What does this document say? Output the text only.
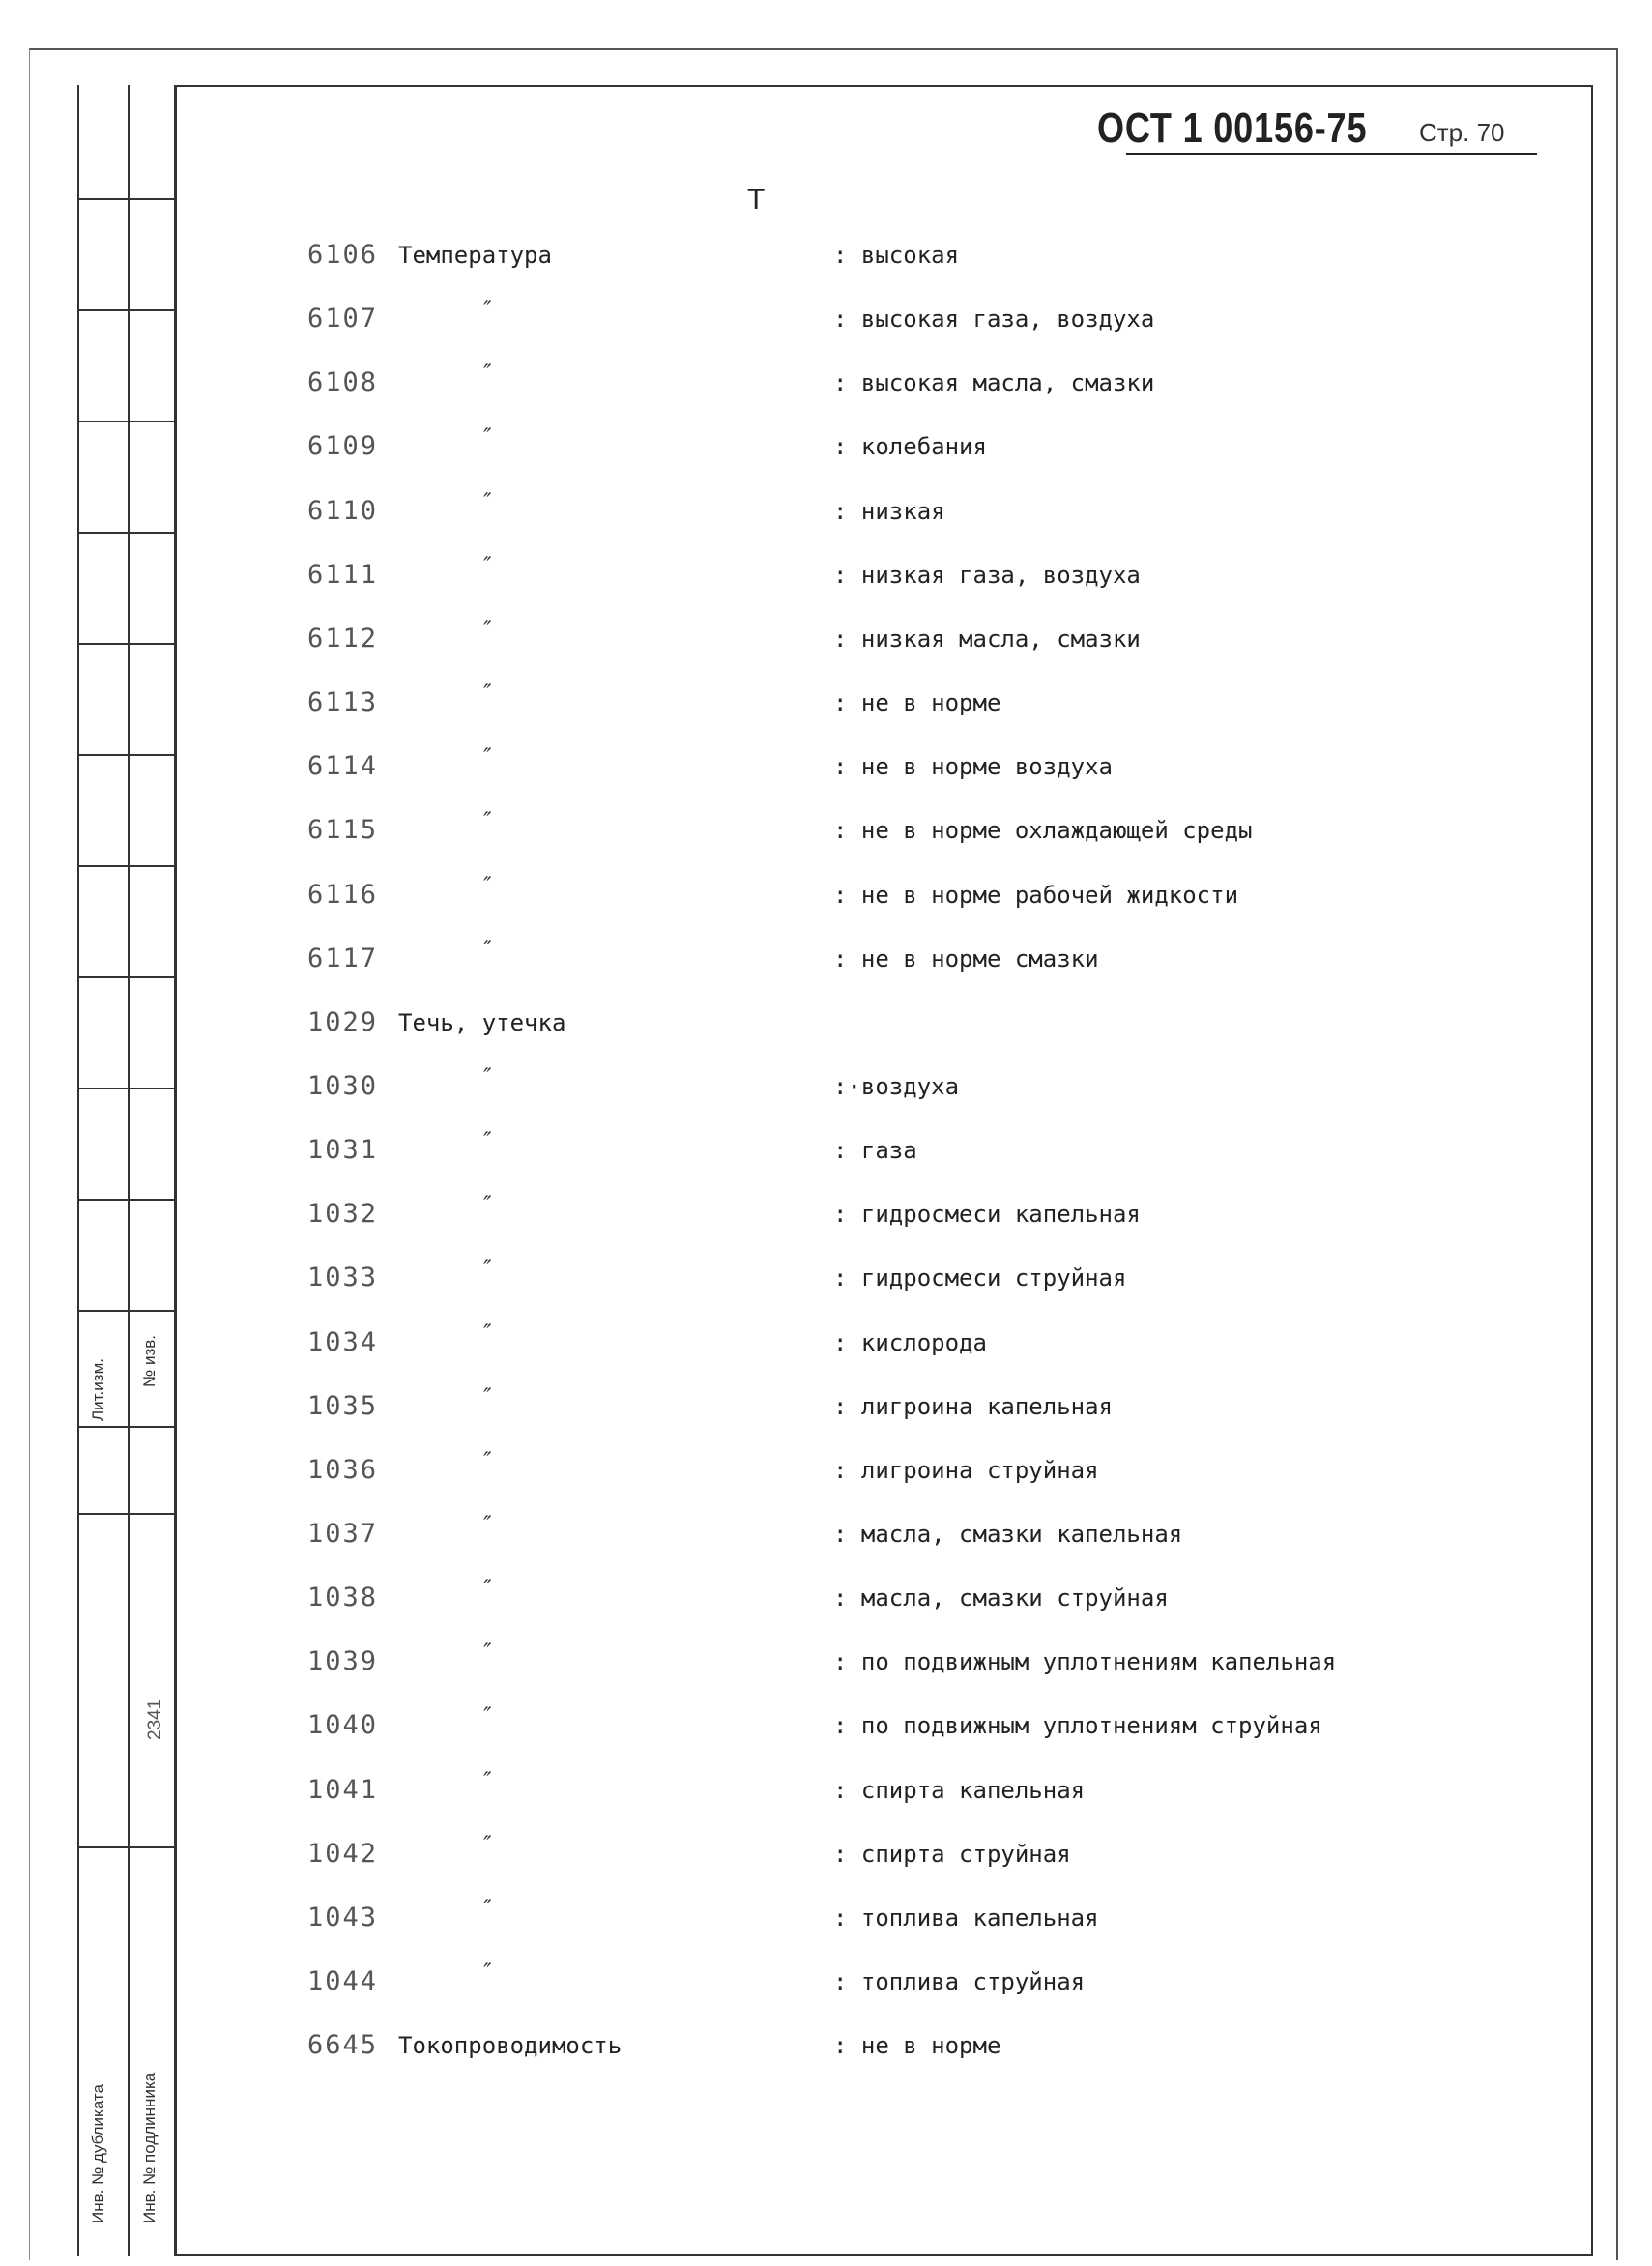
Лит.изм. № изв.
2341
Инв. № дубликата Инв. № подлинника
ОСТ 1 00156-75 Стр. 70
Т
6106 Температура	: высокая
6107	″	: высокая газа, воздуха
6108	″	: высокая масла, смазки
6109	″	: колебания
6110	″	: низкая
6111	″	: низкая газа, воздуха
6112	″	: низкая масла, смазки
6113	″	: не в норме
6114	″	: не в норме воздуха
6115	″	: не в норме охлаждающей среды
6116	″	: не в норме рабочей жидкости
6117	″	: не в норме смазки
1029 Течь, утечка
1030	″	:·воздуха
1031	″	: газа
1032	″	: гидросмеси капельная
1033	″	: гидросмеси струйная
1034	″	: кислорода
1035	″	: лигроина капельная
1036	″	: лигроина струйная
1037	″	: масла, смазки капельная
1038	″	: масла, смазки струйная
1039	″	: по подвижным уплотнениям капельная
1040	″	: по подвижным уплотнениям струйная
1041	″	: спирта капельная
1042	″	: спирта струйная
1043	″	: топлива капельная
1044	″	: топлива струйная
6645 Токопроводимость	: не в норме
